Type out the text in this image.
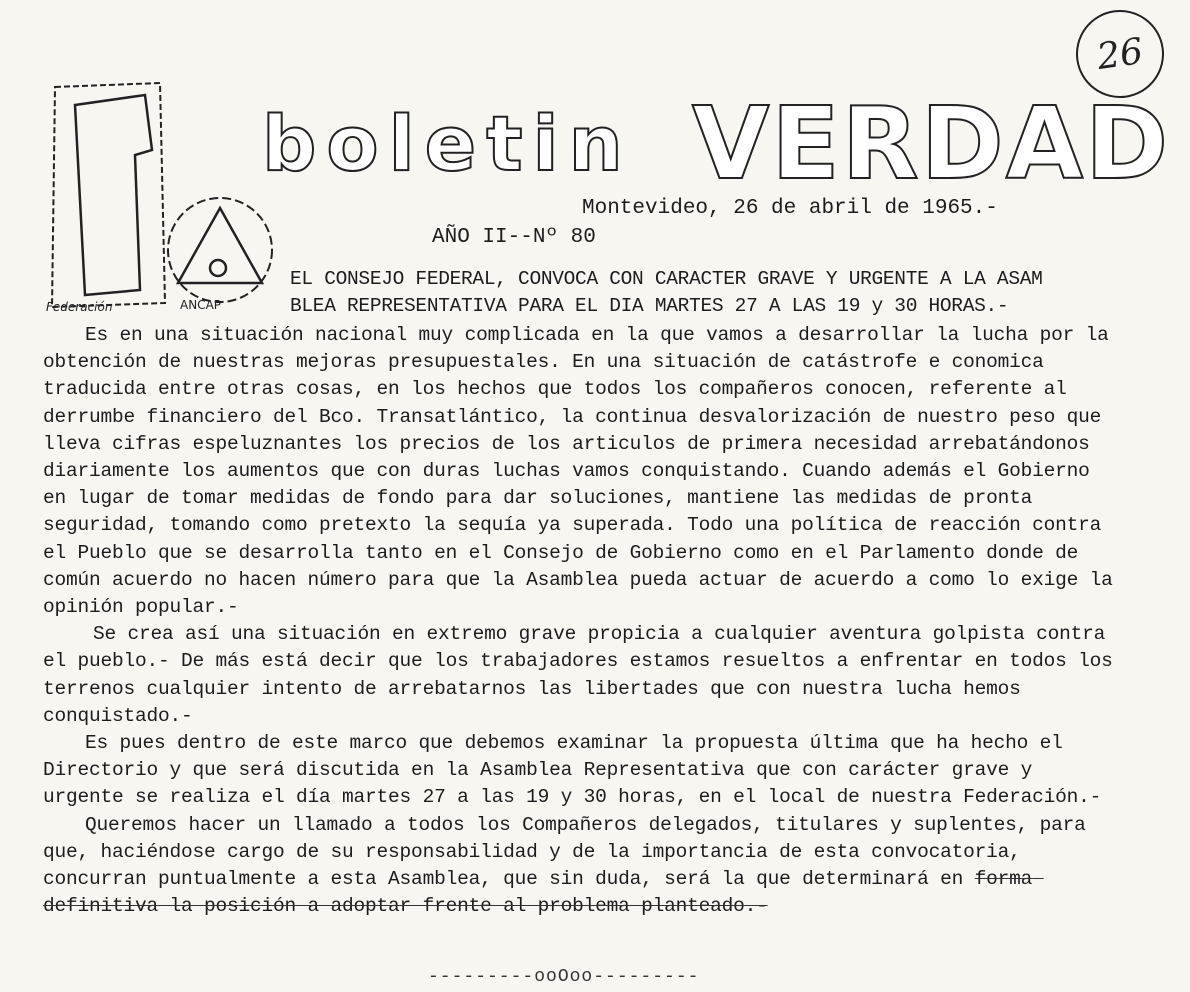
26
Federación	ANCAP
boletin VERDAD
Montevideo, 26 de abril de 1965.-
AÑO II--Nº 80
EL CONSEJO FEDERAL, CONVOCA CON CARACTER GRAVE Y URGENTE A LA ASAM
BLEA REPRESENTATIVA PARA EL DIA MARTES 27 A LAS 19 y 30 HORAS.-

Es en una situación nacional muy complicada en la que vamos a desarrollar la lucha por la obtención de nuestras mejoras presupuestales. En una situación de catástrofe e conomica traducida entre otras cosas, en los hechos que todos los compañeros conocen, referente al derrumbe financiero del Bco. Transatlántico, la continua desvalorización de nuestro peso que lleva cifras espeluznantes los precios de los articulos de primera necesidad arrebatándonos diariamente los aumentos que con duras luchas vamos conquistando. Cuando además el Gobierno en lugar de tomar medidas de fondo para dar soluciones, mantiene las medidas de pronta seguridad, tomando como pretexto la sequía ya superada. Todo una política de reacción contra el Pueblo que se desarrolla tanto en el Consejo de Gobierno como en el Parlamento donde de común acuerdo no hacen número para que la Asamblea pueda actuar de acuerdo a como lo exige la opinión popular.-

Se crea así una situación en extremo grave propicia a cualquier aventura golpista contra el pueblo.- De más está decir que los trabajadores estamos resueltos a enfrentar en todos los terrenos cualquier intento de arrebatarnos las libertades que con nuestra lucha hemos conquistado.-

Es pues dentro de este marco que debemos examinar la propuesta última que ha hecho el Directorio y que será discutida en la Asamblea Representativa que con carácter grave y urgente se realiza el día martes 27 a las 19 y 30 horas, en el local de nuestra Federación.-

Queremos hacer un llamado a todos los Compañeros delegados, titulares y suplentes, para que, haciéndose cargo de su responsabilidad y de la importancia de esta convocatoria, concurran puntualmente a esta Asamblea, que sin duda, será la que determinará en forma definitiva la posición a adoptar frente al problema planteado.-

---------ooOoo---------
